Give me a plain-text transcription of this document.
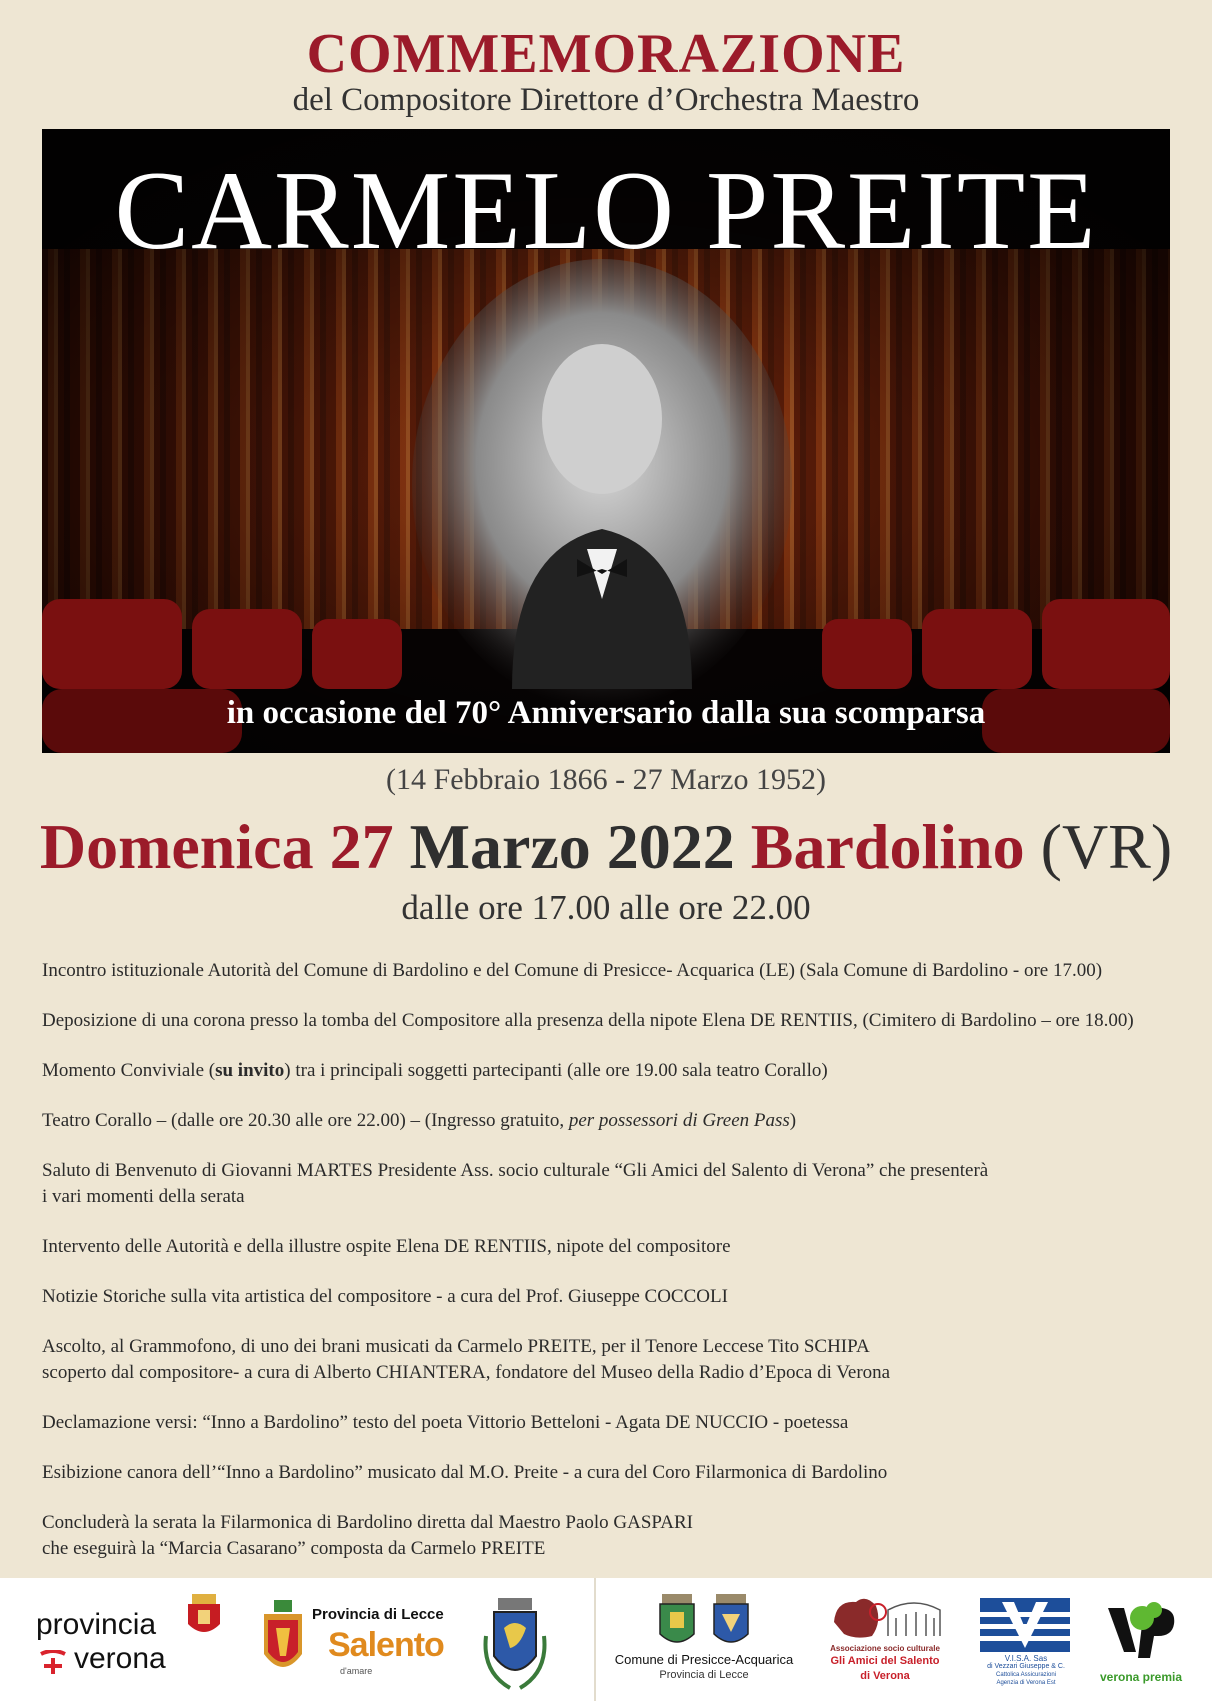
COMMEMORAZIONE
del Compositore Direttore d’Orchestra Maestro
CARMELO PREITE
in occasione del 70° Anniversario dalla sua scomparsa
(14 Febbraio 1866 - 27 Marzo 1952)
Domenica 27 Marzo 2022 Bardolino (VR)
dalle ore 17.00 alle ore 22.00

Incontro istituzionale Autorità del Comune di Bardolino e del Comune di Presicce- Acquarica (LE) (Sala Comune di Bardolino - ore 17.00)

Deposizione di una corona presso la tomba del Compositore alla presenza della nipote Elena DE RENTIIS, (Cimitero di Bardolino – ore 18.00)

Momento Conviviale (su invito) tra i principali soggetti partecipanti (alle ore 19.00 sala teatro Corallo)

Teatro Corallo – (dalle ore 20.30 alle ore 22.00) – (Ingresso gratuito, per possessori di Green Pass)

Saluto di Benvenuto di Giovanni MARTES Presidente Ass. socio culturale “Gli Amici del Salento di Verona” che presenterà
i vari momenti della serata

Intervento delle Autorità e della illustre ospite Elena DE RENTIIS, nipote del compositore

Notizie Storiche sulla vita artistica del compositore - a cura del Prof. Giuseppe COCCOLI

Ascolto, al Grammofono, di uno dei brani musicati da Carmelo PREITE, per il Tenore Leccese Tito SCHIPA
scoperto dal compositore- a cura di Alberto CHIANTERA, fondatore del Museo della Radio d’Epoca di Verona

Declamazione versi: “Inno a Bardolino” testo del poeta Vittorio Betteloni - Agata DE NUCCIO - poetessa

Esibizione canora dell’“Inno a Bardolino” musicato dal M.O. Preite - a cura del Coro Filarmonica di Bardolino

Concluderà la serata la Filarmonica di Bardolino diretta dal Maestro Paolo GASPARI
che eseguirà la “Marcia Casarano” composta da Carmelo PREITE

provincia
verona
Provincia di Lecce
Salento
d'amare
Comune di Presicce-Acquarica
Provincia di Lecce
Associazione socio culturale
Gli Amici del Salento
di Verona
V.I.S.A. Sas
di Vezzari Giuseppe & C.
Cattolica Assicurazioni
Agenzia di Verona Est	verona premia
